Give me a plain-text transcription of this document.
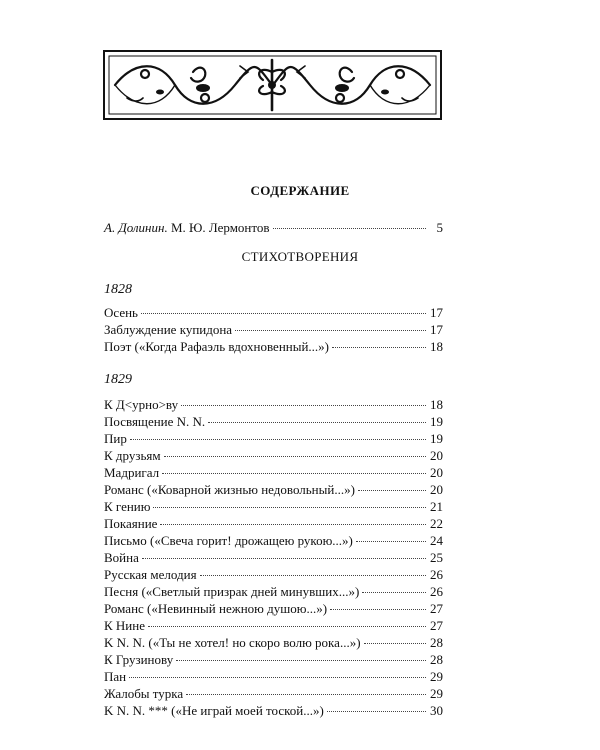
СОДЕРЖАНИЕ
А. Долинин. М. Ю. Лермонтов	5
СТИХОТВОРЕНИЯ
1828
Осень	17
Заблуждение купидона	17
Поэт («Когда Рафаэль вдохновенный...»)	18
1829
К Д<урно>ву	18
Посвящение N. N.	19
Пир	19
К друзьям	20
Мадригал	20
Романс («Коварной жизнью недовольный...»)	20
К гению	21
Покаяние	22
Письмо («Свеча горит! дрожащею рукою...»)	24
Война	25
Русская мелодия	26
Песня («Светлый призрак дней минувших...»)	26
Романс («Невинный нежною душою...»)	27
К Нине	27
K N. N. («Ты не хотел! но скоро волю рока...»)	28
К Грузинову	28
Пан	29
Жалобы турка	29
K N. N. *** («Не играй моей тоской...»)	30
